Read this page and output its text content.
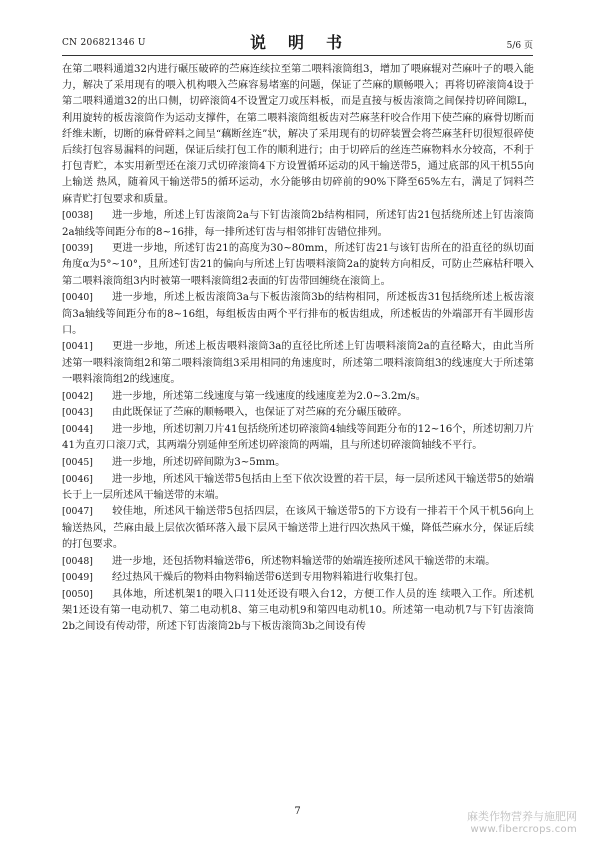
CN 206821346 U	说　明　书	5/6 页

在第二喂料通道32内进行碾压破碎的苎麻连续拉至第二喂料滚筒组3，增加了喂麻辊对苎麻叶子的喂入能力，解决了采用现有的喂入机构喂入苎麻容易堵塞的问题，保证了苎麻的顺畅喂入；再将切碎滚筒4设于第二喂料通道32的出口侧，切碎滚筒4不设置定刀或压料板，而是直接与板齿滚筒之间保持切碎间隙L，利用旋转的板齿滚筒作为运动支撑件，在第二喂料滚筒组板齿对苎麻茎秆咬合作用下使苎麻的麻骨切断而纤维未断，切断的麻骨碎料之间呈“藕断丝连”状，解决了采用现有的切碎装置会将苎麻茎秆切很短很碎使后续打包容易漏料的问题，保证后续打包工作的顺利进行；由于切碎后的丝连苎麻物料水分较高，不利于打包青贮，本实用新型还在滚刀式切碎滚筒4下方设置循环运动的风干输送带5，通过底部的风干机55向上输送 热风，随着风干输送带5的循环运动，水分能够由切碎前的90%下降至65%左右，满足了饲料苎麻青贮打包要求和质量。

[0038] 进一步地，所述上钉齿滚筒2a与下钉齿滚筒2b结构相同，所述钉齿21包括绕所述上钉齿滚筒2a轴线等间距分布的8~16排，每一排所述钉齿与相邻排钉齿错位排列。

[0039] 更进一步地，所述钉齿21的高度为30~80mm，所述钉齿21与该钉齿所在的沿直径的纵切面角度α为5°~10°，且所述钉齿21的偏向与所述上钉齿喂料滚筒2a的旋转方向相反，可防止苎麻枯秆喂入第二喂料滚筒组3内时被第一喂料滚筒组2表面的钉齿带回缠绕在滚筒上。

[0040] 进一步地，所述上板齿滚筒3a与下板齿滚筒3b的结构相同，所述板齿31包括绕所述上板齿滚筒3a轴线等间距分布的8~16组，每组板齿由两个平行排布的板齿组成，所述板齿的外端部开有半圆形齿口。

[0041] 更进一步地，所述上板齿喂料滚筒3a的直径比所述上钉齿喂料滚筒2a的直径略大，由此当所述第一喂料滚筒组2和第二喂料滚筒组3采用相同的角速度时，所述第二喂料滚筒组3的线速度大于所述第一喂料滚筒组2的线速度。

[0042] 进一步地，所述第二线速度与第一线速度的线速度差为2.0~3.2m/s。

[0043] 由此既保证了苎麻的顺畅喂入，也保证了对苎麻的充分碾压破碎。

[0044] 进一步地，所述切割刀片41包括绕所述切碎滚筒4轴线等间距分布的12~16个，所述切割刀片41为直刃口滚刀式，其两端分别延伸至所述切碎滚筒的两端，且与所述切碎滚筒轴线不平行。

[0045] 进一步地，所述切碎间隙为3~5mm。

[0046] 进一步地，所述风干输送带5包括由上至下依次设置的若干层，每一层所述风干输送带5的始端长于上一层所述风干输送带的末端。

[0047] 较佳地，所述风干输送带5包括四层，在该风干输送带5的下方设有一排若干个风干机56向上输送热风，苎麻由最上层依次循环落入最下层风干输送带上进行四次热风干燥，降低苎麻水分，保证后续的打包要求。

[0048] 进一步地，还包括物料输送带6，所述物料输送带的始端连接所述风干输送带的末端。

[0049] 经过热风干燥后的物料由物料输送带6送到专用物料箱进行收集打包。

[0050] 具体地，所述机架1的喂入口11处还设有喂入台12，方便工作人员的连 续喂入工作。所述机架1还设有第一电动机7、第二电动机8、第三电动机9和第四电动机10。所述第一电动机7与下钉齿滚筒2b之间设有传动带，所述下钉齿滚筒2b与下板齿滚筒3b之间设有传

7	麻类作物营养与施肥网
www.fibercrops.com
